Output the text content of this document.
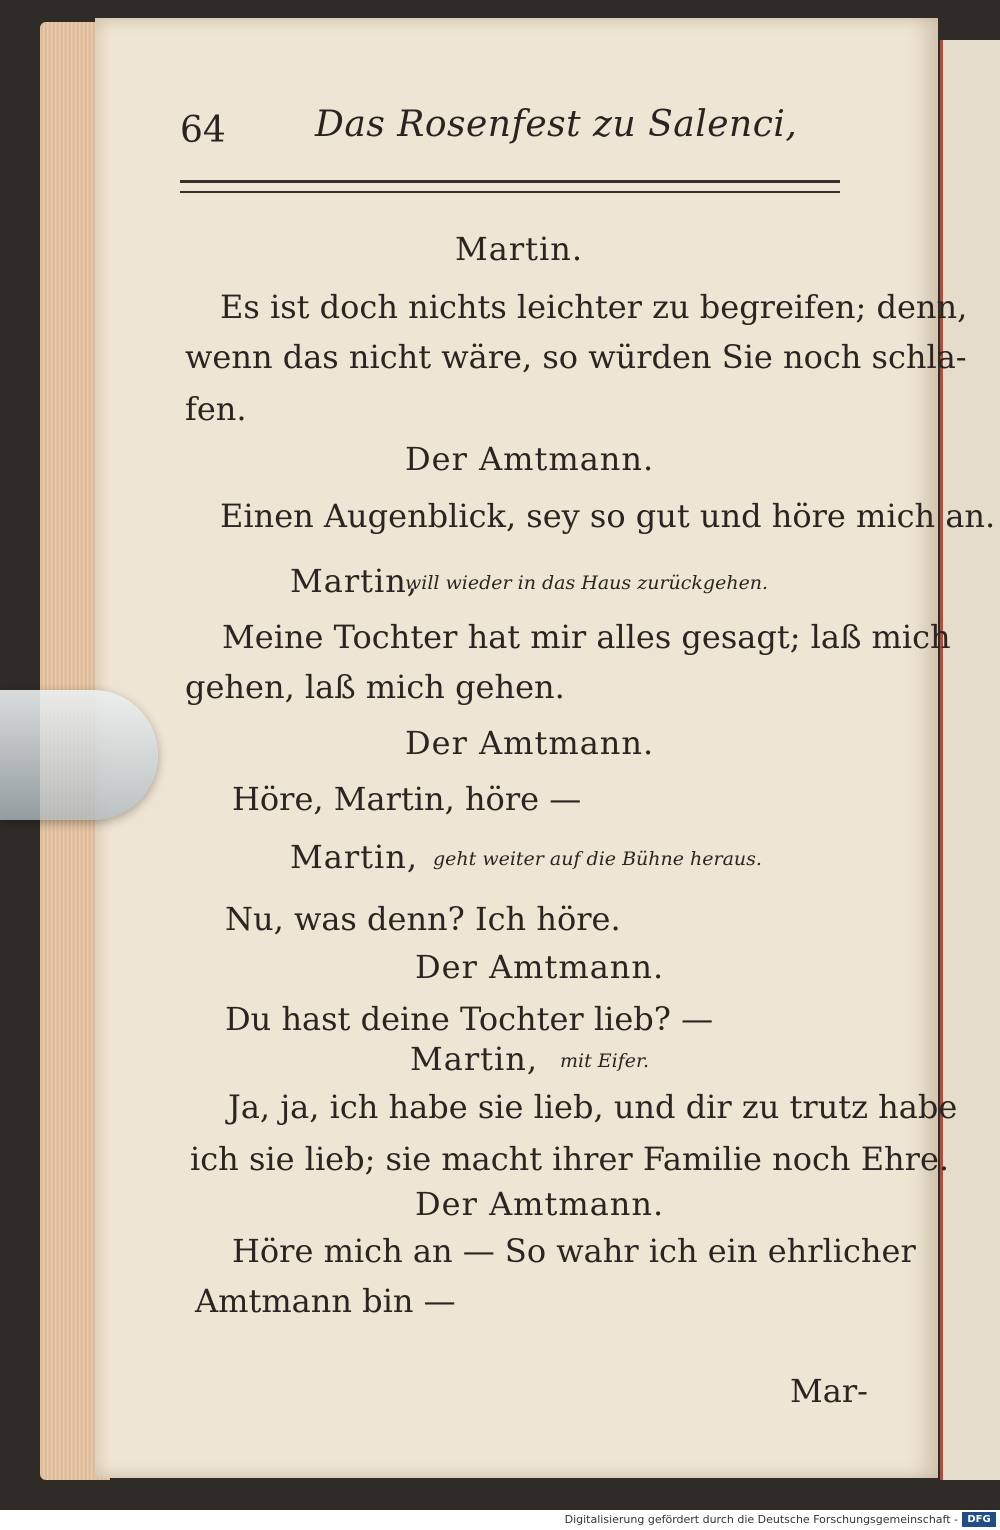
64 Das Rosenfest zu Salenci,
Martin.
Es ist doch nichts leichter zu begreifen; denn,
wenn das nicht wäre, so würden Sie noch schla-
fen.
Der Amtmann.
Einen Augenblick, sey so gut und höre mich an.
Martin,
will wieder in das Haus zurückgehen.
Meine Tochter hat mir alles gesagt; laß mich
gehen, laß mich gehen.
Der Amtmann.
Höre, Martin, höre —
Martin, geht weiter auf die Bühne heraus.
Nu, was denn? Ich höre.
Der Amtmann.
Du hast deine Tochter lieb? —
Martin, mit Eifer.
Ja, ja, ich habe sie lieb, und dir zu trutz habe
ich sie lieb; sie macht ihrer Familie noch Ehre.
Der Amtmann.
Höre mich an — So wahr ich ein ehrlicher
Amtmann bin —
Mar-
Digitalisierung gefördert durch die Deutsche Forschungsgemeinschaft - DFG
